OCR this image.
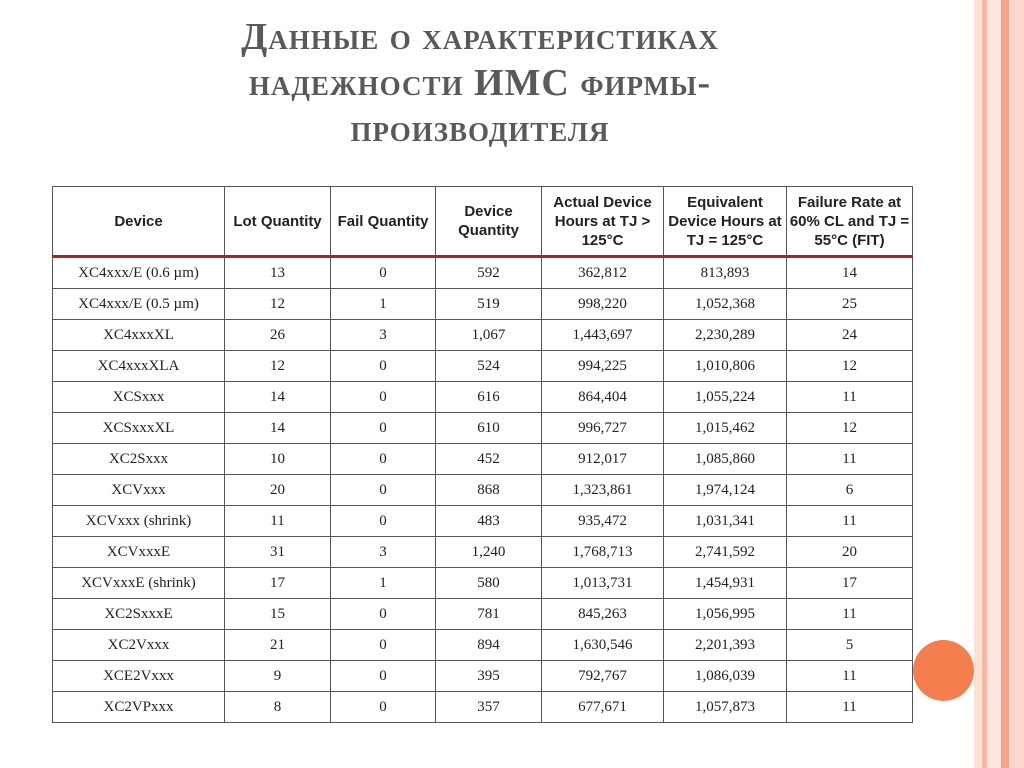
Данные о характеристиках
надежности ИМС фирмы-
производителя
Device	Lot Quantity	Fail Quantity	Device Quantity	Actual Device Hours at TJ > 125°C	Equivalent Device Hours at TJ = 125°C	Failure Rate at 60% CL and TJ = 55°C (FIT)
XC4xxx/E (0.6 µm)	13	0	592	362,812	813,893	14
XC4xxx/E (0.5 µm)	12	1	519	998,220	1,052,368	25
XC4xxxXL	26	3	1,067	1,443,697	2,230,289	24
XC4xxxXLA	12	0	524	994,225	1,010,806	12
XCSxxx	14	0	616	864,404	1,055,224	11
XCSxxxXL	14	0	610	996,727	1,015,462	12
XC2Sxxx	10	0	452	912,017	1,085,860	11
XCVxxx	20	0	868	1,323,861	1,974,124	6
XCVxxx (shrink)	11	0	483	935,472	1,031,341	11
XCVxxxE	31	3	1,240	1,768,713	2,741,592	20
XCVxxxE (shrink)	17	1	580	1,013,731	1,454,931	17
XC2SxxxE	15	0	781	845,263	1,056,995	11
XC2Vxxx	21	0	894	1,630,546	2,201,393	5
XCE2Vxxx	9	0	395	792,767	1,086,039	11
XC2VPxxx	8	0	357	677,671	1,057,873	11
